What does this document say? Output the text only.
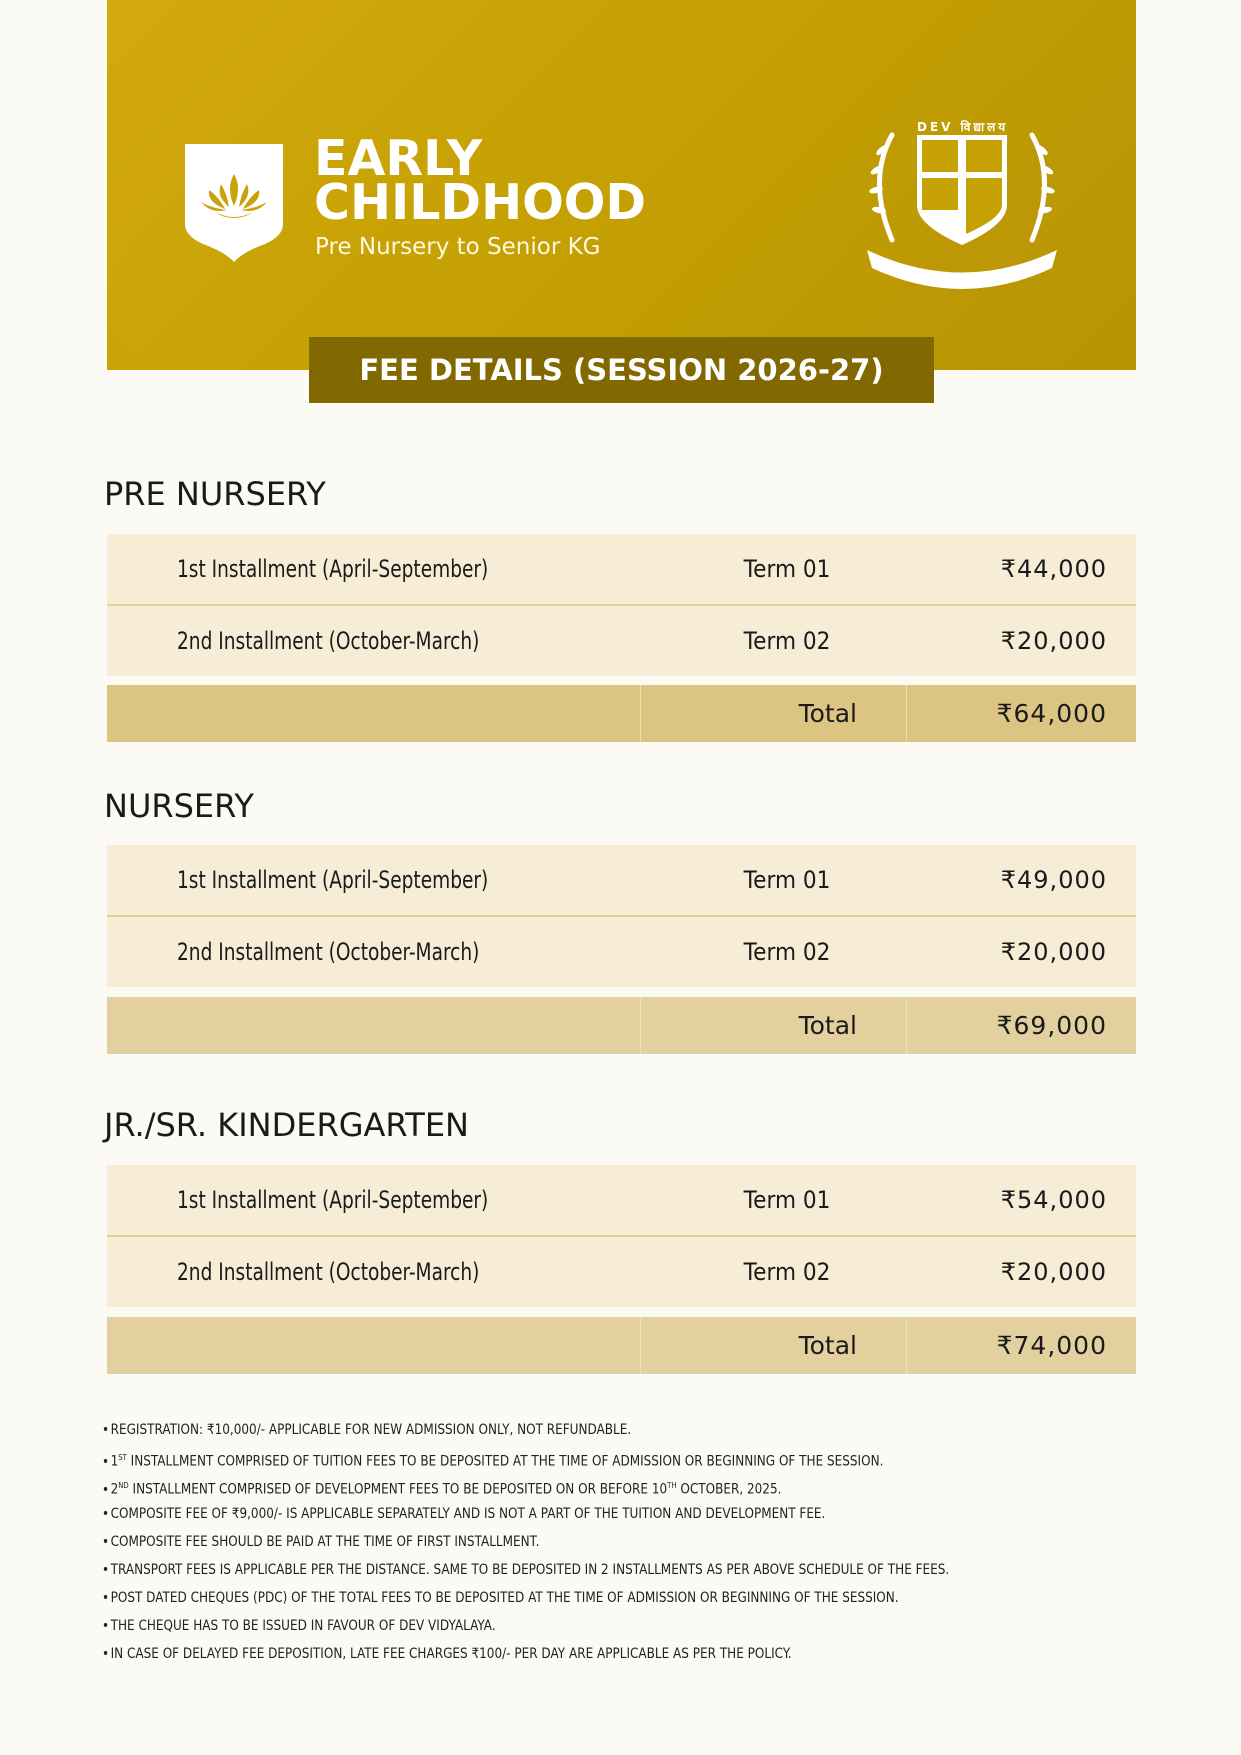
EARLY
CHILDHOOD
Pre Nursery to Senior KG
DEV विद्यालय
FEE DETAILS (SESSION 2026-27)
PRE NURSERY
1st Installment (April-September)	Term 01	₹44,000
2nd Installment (October-March)	Term 02	₹20,000
Total	₹64,000
NURSERY
1st Installment (April-September)	Term 01	₹49,000
2nd Installment (October-March)	Term 02	₹20,000
Total	₹69,000
JR./SR. KINDERGARTEN
1st Installment (April-September)	Term 01	₹54,000
2nd Installment (October-March)	Term 02	₹20,000
Total	₹74,000
•REGISTRATION: ₹10,000/- APPLICABLE FOR NEW ADMISSION ONLY, NOT REFUNDABLE.
•1ST INSTALLMENT COMPRISED OF TUITION FEES TO BE DEPOSITED AT THE TIME OF ADMISSION OR BEGINNING OF THE SESSION.
•2ND INSTALLMENT COMPRISED OF DEVELOPMENT FEES TO BE DEPOSITED ON OR BEFORE 10TH OCTOBER, 2025.
•COMPOSITE FEE OF ₹9,000/- IS APPLICABLE SEPARATELY AND IS NOT A PART OF THE TUITION AND DEVELOPMENT FEE.
•COMPOSITE FEE SHOULD BE PAID AT THE TIME OF FIRST INSTALLMENT.
•TRANSPORT FEES IS APPLICABLE PER THE DISTANCE. SAME TO BE DEPOSITED IN 2 INSTALLMENTS AS PER ABOVE SCHEDULE OF THE FEES.
•POST DATED CHEQUES (PDC) OF THE TOTAL FEES TO BE DEPOSITED AT THE TIME OF ADMISSION OR BEGINNING OF THE SESSION.
•THE CHEQUE HAS TO BE ISSUED IN FAVOUR OF DEV VIDYALAYA.
•IN CASE OF DELAYED FEE DEPOSITION, LATE FEE CHARGES ₹100/- PER DAY ARE APPLICABLE AS PER THE POLICY.
